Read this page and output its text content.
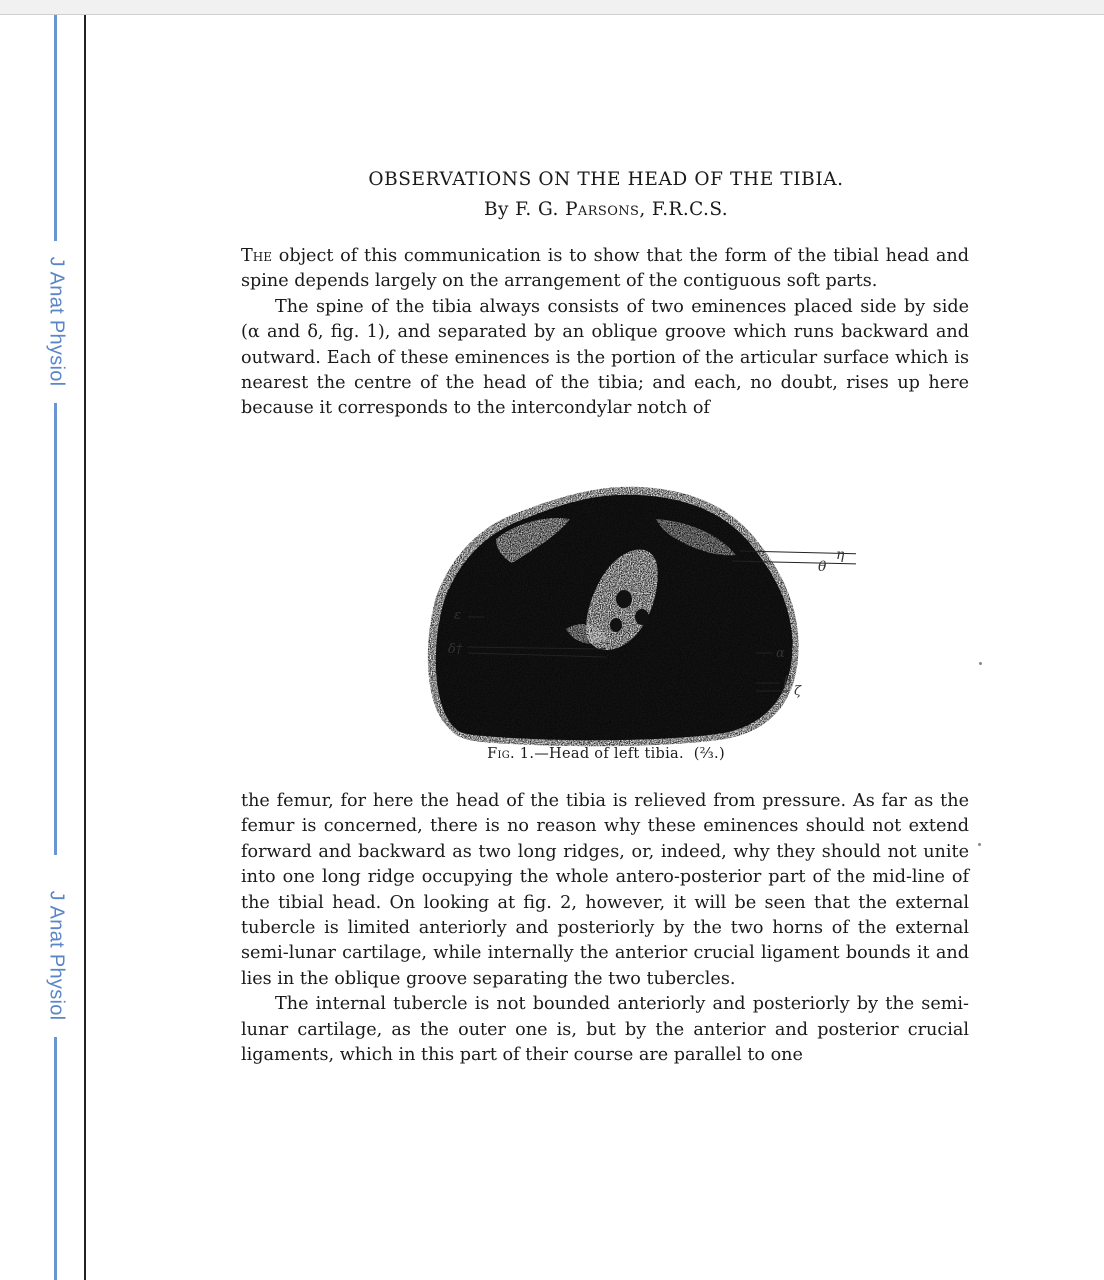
J Anat Physiol
J Anat Physiol
OBSERVATIONS ON THE HEAD OF THE TIBIA.
By F. G. Parsons, F.R.C.S.

The object of this communication is to show that the form of the tibial head and spine depends largely on the arrangement of the contiguous soft parts.

The spine of the tibia always consists of two eminences placed side by side (α and δ, fig. 1), and separated by an oblique groove which runs backward and outward. Each of these eminences is the portion of the articular surface which is nearest the centre of the head of the tibia; and each, no doubt, rises up here because it corresponds to the intercondylar notch of

η
θ
ε
δ†	α
β
ζ
Fig. 1.—Head of left tibia. (⅔.)

the femur, for here the head of the tibia is relieved from pressure. As far as the femur is concerned, there is no reason why these eminences should not extend forward and backward as two long ridges, or, indeed, why they should not unite into one long ridge occupying the whole antero-posterior part of the mid-line of the tibial head. On looking at fig. 2, however, it will be seen that the external tubercle is limited anteriorly and posteriorly by the two horns of the external semi-lunar cartilage, while internally the anterior crucial ligament bounds it and lies in the oblique groove separating the two tubercles.

The internal tubercle is not bounded anteriorly and posteriorly by the semi-lunar cartilage, as the outer one is, but by the anterior and posterior crucial ligaments, which in this part of their course are parallel to one
